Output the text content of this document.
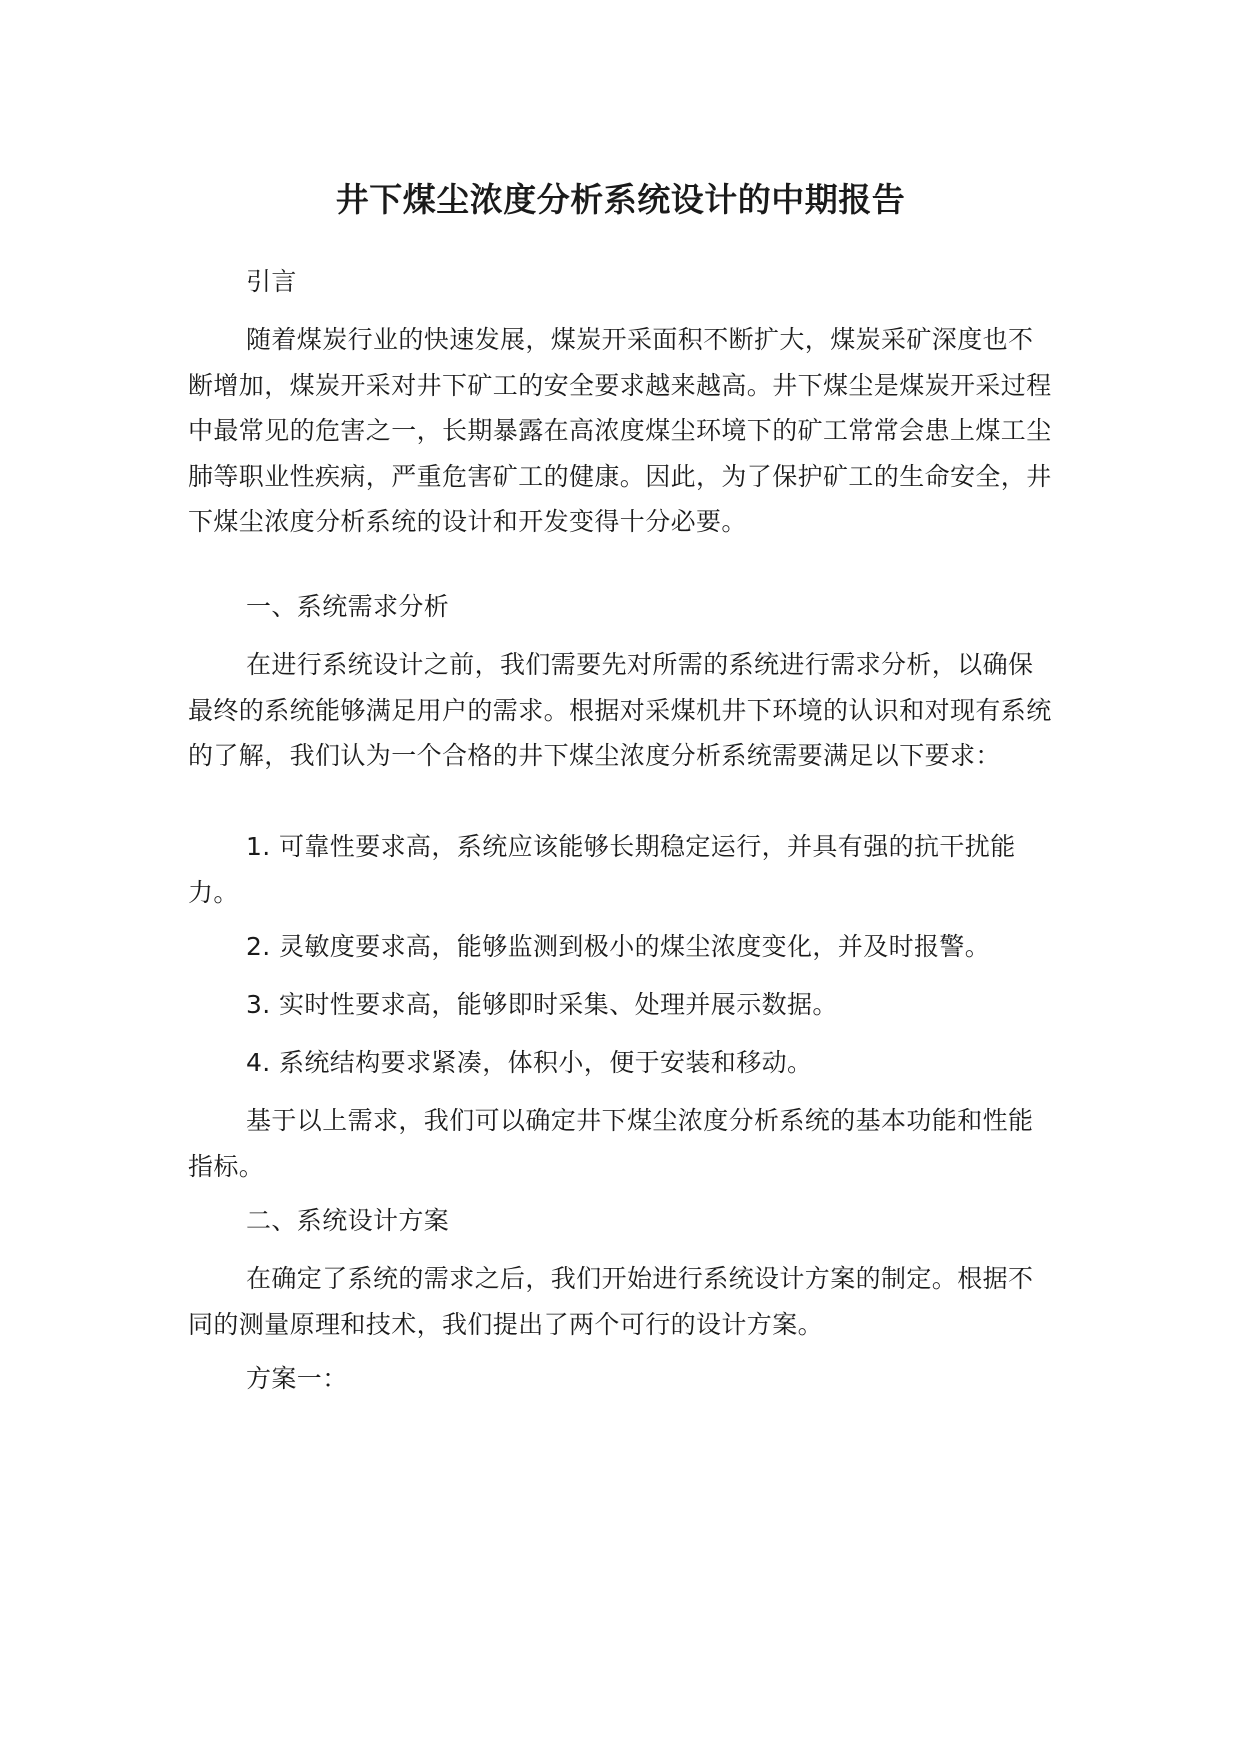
井下煤尘浓度分析系统设计的中期报告

引言

随着煤炭行业的快速发展，煤炭开采面积不断扩大，煤炭采矿深度也不断增加，煤炭开采对井下矿工的安全要求越来越高。井下煤尘是煤炭开采过程中最常见的危害之一，长期暴露在高浓度煤尘环境下的矿工常常会患上煤工尘肺等职业性疾病，严重危害矿工的健康。因此，为了保护矿工的生命安全，井下煤尘浓度分析系统的设计和开发变得十分必要。

一、系统需求分析

在进行系统设计之前，我们需要先对所需的系统进行需求分析，以确保最终的系统能够满足用户的需求。根据对采煤机井下环境的认识和对现有系统的了解，我们认为一个合格的井下煤尘浓度分析系统需要满足以下要求：

1. 可靠性要求高，系统应该能够长期稳定运行，并具有强的抗干扰能力。

2. 灵敏度要求高，能够监测到极小的煤尘浓度变化，并及时报警。

3. 实时性要求高，能够即时采集、处理并展示数据。

4. 系统结构要求紧凑，体积小，便于安装和移动。

基于以上需求，我们可以确定井下煤尘浓度分析系统的基本功能和性能指标。

二、系统设计方案

在确定了系统的需求之后，我们开始进行系统设计方案的制定。根据不同的测量原理和技术，我们提出了两个可行的设计方案。

方案一：
